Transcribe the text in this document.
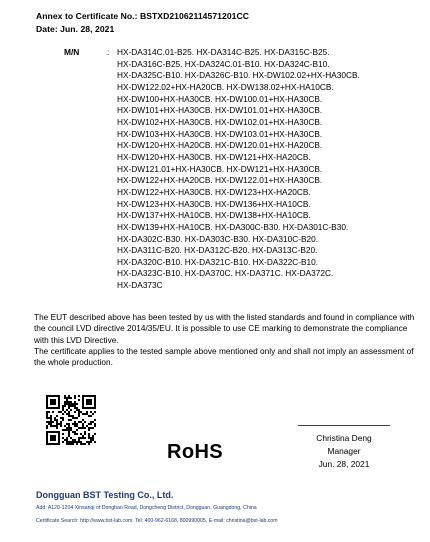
Annex to Certificate No.: BSTXD21062114571201CC
Date: Jun. 28, 2021
M/N	: HX-DA314C.01-B25. HX-DA314C-B25. HX-DA315C-B25.
HX-DA316C-B25. HX-DA324C.01-B10. HX-DA324C-B10.
HX-DA325C-B10. HX-DA326C-B10. HX-DW102.02+HX-HA30CB.
HX-DW122.02+HX-HA20CB. HX-DW138.02+HX-HA10CB.
HX-DW100+HX-HA30CB. HX-DW100.01+HX-HA30CB.
HX-DW101+HX-HA30CB. HX-DW101.01+HX-HA30CB.
HX-DW102+HX-HA30CB. HX-DW102.01+HX-HA30CB.
HX-DW103+HX-HA30CB. HX-DW103.01+HX-HA30CB.
HX-DW120+HX-HA20CB. HX-DW120.01+HX-HA20CB.
HX-DW120+HX-HA30CB. HX-DW121+HX-HA20CB.
HX-DW121.01+HX-HA30CB. HX-DW121+HX-HA30CB.
HX-DW122+HX-HA20CB. HX-DW122.01+HX-HA30CB.
HX-DW122+HX-HA30CB. HX-DW123+HX-HA20CB.
HX-DW123+HX-HA30CB. HX-DW136+HX-HA10CB.
HX-DW137+HX-HA10CB. HX-DW138+HX-HA10CB.
HX-DW139+HX-HA10CB. HX-DA300C-B30. HX-DA301C-B30.
HX-DA302C-B30. HX-DA303C-B30. HX-DA310C-B20.
HX-DA311C-B20. HX-DA312C-B20. HX-DA313C-B20.
HX-DA320C-B10. HX-DA321C-B10. HX-DA322C-B10.
HX-DA323C-B10. HX-DA370C. HX-DA371C. HX-DA372C.
HX-DA373C

The EUT described above has been tested by us with the listed standards and found in compliance with the council LVD directive 2014/35/EU. It is possible to use CE marking to demonstrate the compliance with this LVD Directive.

The certificate applies to the tested sample above mentioned only and shall not imply an assessment of the whole production.

RoHS
Christina Deng
Manager
Jun. 28, 2021
Dongguan BST Testing Co., Ltd.
Add: A120-1204 Xinsanqi of Dongbao Road, Dongcheng District, Dongguan, Guangdong, China
Certificate Search: http://www.bst-lab.com, Tel: 400-962-6168, 800990005, E-mail: christina@bst-lab.com
